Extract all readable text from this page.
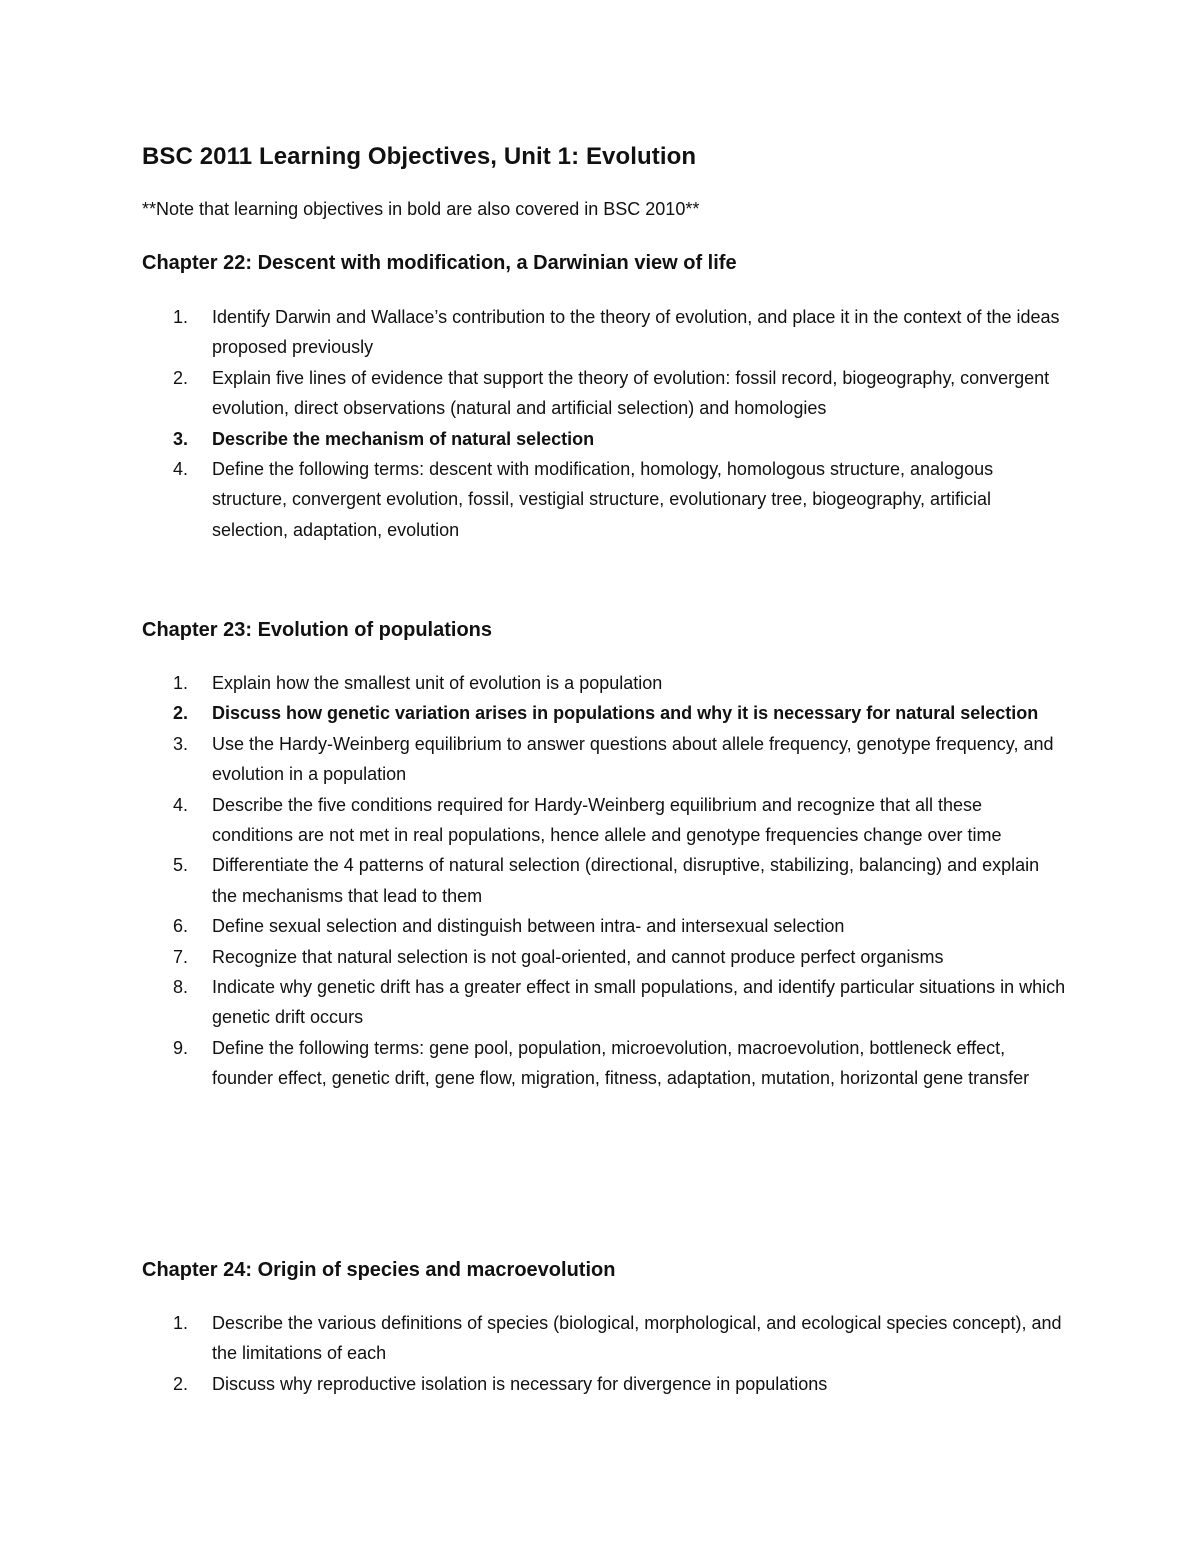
BSC 2011 Learning Objectives, Unit 1: Evolution

**Note that learning objectives in bold are also covered in BSC 2010**

Chapter 22: Descent with modification, a Darwinian view of life
1. Identify Darwin and Wallace’s contribution to the theory of evolution, and place it in the context of the ideas proposed previously
2. Explain five lines of evidence that support the theory of evolution: fossil record, biogeography, convergent evolution, direct observations (natural and artificial selection) and homologies
3. Describe the mechanism of natural selection
4. Define the following terms: descent with modification, homology, homologous structure, analogous structure, convergent evolution, fossil, vestigial structure, evolutionary tree, biogeography, artificial selection, adaptation, evolution
Chapter 23: Evolution of populations
1. Explain how the smallest unit of evolution is a population
2. Discuss how genetic variation arises in populations and why it is necessary for natural selection
3. Use the Hardy-Weinberg equilibrium to answer questions about allele frequency, genotype frequency, and evolution in a population
4. Describe the five conditions required for Hardy-Weinberg equilibrium and recognize that all these conditions are not met in real populations, hence allele and genotype frequencies change over time
5. Differentiate the 4 patterns of natural selection (directional, disruptive, stabilizing, balancing) and explain the mechanisms that lead to them
6. Define sexual selection and distinguish between intra- and intersexual selection
7. Recognize that natural selection is not goal-oriented, and cannot produce perfect organisms
8. Indicate why genetic drift has a greater effect in small populations, and identify particular situations in which genetic drift occurs
9. Define the following terms: gene pool, population, microevolution, macroevolution, bottleneck effect, founder effect, genetic drift, gene flow, migration, fitness, adaptation, mutation, horizontal gene transfer
Chapter 24: Origin of species and macroevolution
1. Describe the various definitions of species (biological, morphological, and ecological species concept), and the limitations of each
2. Discuss why reproductive isolation is necessary for divergence in populations
